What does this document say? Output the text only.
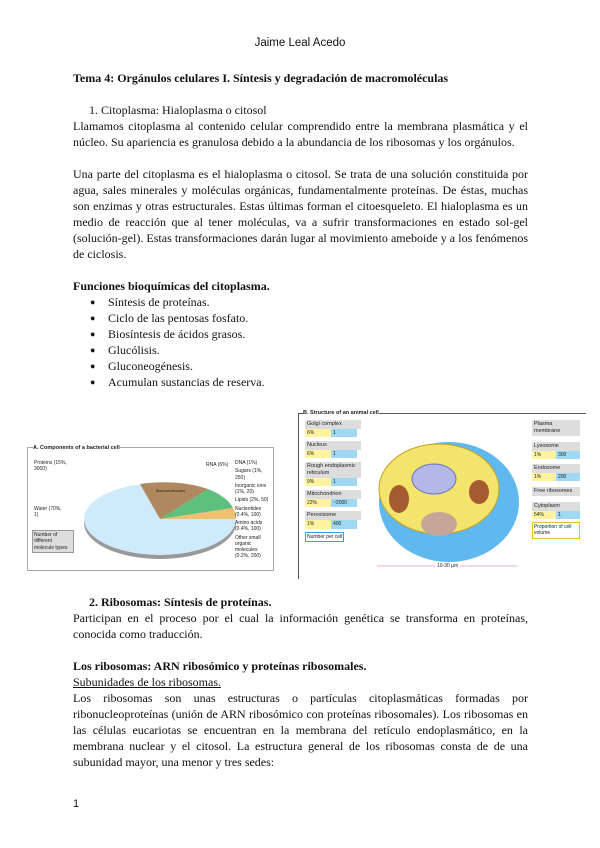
Jaime Leal Acedo
Tema 4: Orgánulos celulares I. Síntesis y degradación de macromoléculas
1. Citoplasma: Hialoplasma o citosol

Llamamos citoplasma al contenido celular comprendido entre la membrana plasmática y el núcleo. Su apariencia es granulosa debido a la abundancia de los ribosomas y los orgánulos.

Una parte del citoplasma es el hialoplasma o citosol. Se trata de una solución constituida por agua, sales minerales y moléculas orgánicas, fundamentalmente proteínas. De éstas, muchas son enzimas y otras estructurales. Estas últimas forman el citoesqueleto. El hialoplasma es un medio de reacción que al tener moléculas, va a sufrir transformaciones en estado sol-gel (solución-gel). Estas transformaciones darán lugar al movimiento ameboide y a los fenómenos de ciclosis.

Funciones bioquímicas del citoplasma.
● Síntesis de proteínas.
● Ciclo de las pentosas fosfato.
● Biosíntesis de ácidos grasos.
● Glucólisis.
● Gluconeogénesis.
● Acumulan sustancias de reserva.
A. Components of a bacterial cell
Proteins (15%, 3000)
Macromolecules
RNA (6%) DNA (1%)
Sugars (1%, 250)
Inorganic ions (1%, 20)
Lipids (2%, 50)
Nucleotides (0.4%, 100)
Amino acids (0.4%, 100)
Other small organic molecules (0.2%, 200)
Water (70%, 1)
Number of different molecule types
B. Structure of an animal cell
Golgi complex
6%	1
Nucleus
6%	1
Rough endoplasmic reticulum
9%	1
Mitochondrion
22%	~2000
Peroxisome
1%	400
Number per cell
Plasma membrane
Lysosome
1%	300
Endosome
1%	200
Free ribosomes
Cytoplasm
54%	1
Proportion of cell volume
10-30 µm
2. Ribosomas: Síntesis de proteínas.

Participan en el proceso por el cual la información genética se transforma en proteínas, conocida como traducción.

Los ribosomas: ARN ribosómico y proteínas ribosomales.
Subunidades de los ribosomas.

Los ribosomas son unas estructuras o partículas citoplasmáticas formadas por ribonucleoproteínas (unión de ARN ribosómico con proteínas ribosomales). Los ribosomas en las células eucariotas se encuentran en la membrana del retículo endoplasmático, en la membrana nuclear y el citosol. La estructura general de los ribosomas consta de de una subunidad mayor, una menor y tres sedes:

1
